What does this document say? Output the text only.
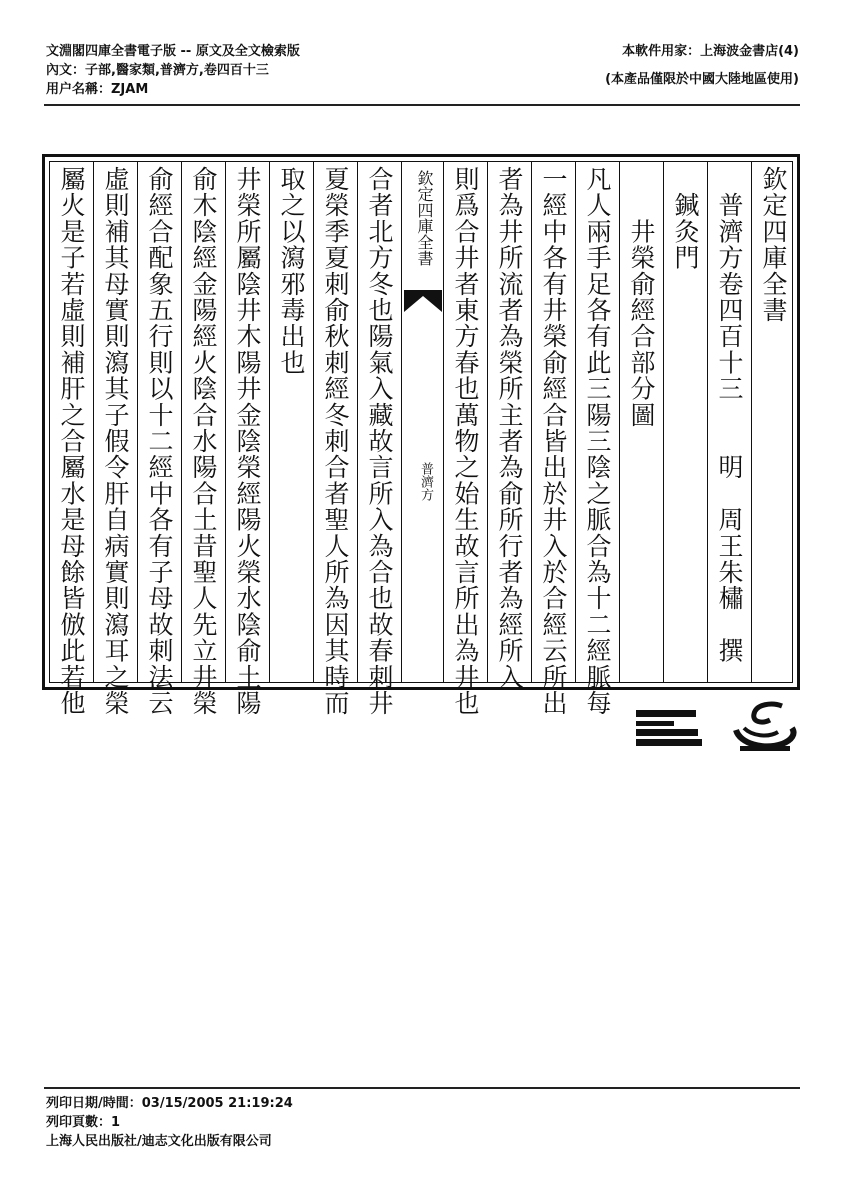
文淵閣四庫全書電子版 -- 原文及全文檢索版
內文：子部,醫家類,普濟方,卷四百十三
用户名稱：ZJAM
本軟件用家：上海波金書店(4)
(本產品僅限於中國大陸地區使用)
欽定四庫全書
　普濟方卷四百十三　　明　周王朱橚　撰
　鍼灸門
　　井榮俞經合部分圖
凡人兩手足各有此三陽三陰之脈合為十二經脈每
一經中各有井榮俞經合皆出於井入於合經云所出
者為井所流者為榮所主者為俞所行者為經所入
則爲合井者東方春也萬物之始生故言所出為井也
欽定四庫全書
普濟方
合者北方冬也陽氣入藏故言所入為合也故春刺井
夏榮季夏刺俞秋刺經冬刺合者聖人所為因其時而
取之以瀉邪毒出也
井榮所屬陰井木陽井金陰榮經陽火榮水陰俞土陽
俞木陰經金陽經火陰合水陽合土昔聖人先立井榮
俞經合配象五行則以十二經中各有子母故刺法云
虛則補其母實則瀉其子假令肝自病實則瀉耳之榮
屬火是子若虛則補肝之合屬水是母餘皆倣此若他
列印日期/時間：03/15/2005 21:19:24
列印頁數：1
上海人民出版社/迪志文化出版有限公司
